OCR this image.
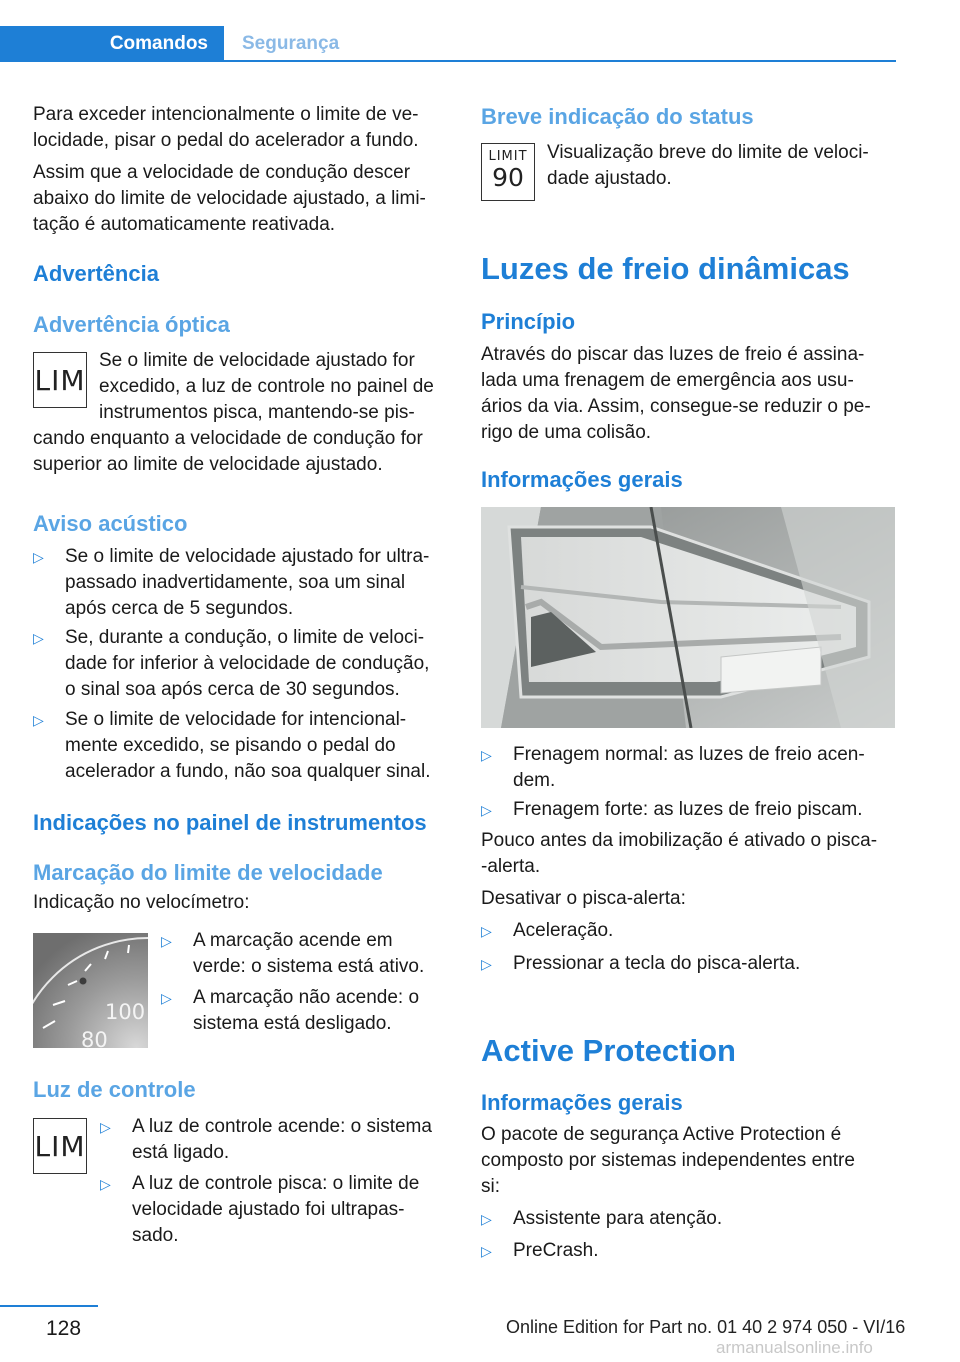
Comandos	Segurança
Para exceder intencionalmente o limite de ve-
locidade, pisar o pedal do acelerador a fundo.
Assim que a velocidade de condução descer
abaixo do limite de velocidade ajustado, a limi-
tação é automaticamente reativada.
Advertência
Advertência óptica
LIM
Se o limite de velocidade ajustado for
excedido, a luz de controle no painel de
instrumentos pisca, mantendo-se pis-
cando enquanto a velocidade de condução for
superior ao limite de velocidade ajustado.
Aviso acústico
▷ Se o limite de velocidade ajustado for ultra-
passado inadvertidamente, soa um sinal
após cerca de 5 segundos.
▷ Se, durante a condução, o limite de veloci-
dade for inferior à velocidade de condução,
o sinal soa após cerca de 30 segundos.
▷ Se o limite de velocidade for intencional-
mente excedido, se pisando o pedal do
acelerador a fundo, não soa qualquer sinal.
Indicações no painel de instrumentos
Marcação do limite de velocidade
Indicação no velocímetro:
100
80
▷ A marcação acende em
verde: o sistema está ativo.
▷ A marcação não acende: o
sistema está desligado.
Luz de controle
LIM
▷ A luz de controle acende: o sistema
está ligado.
▷ A luz de controle pisca: o limite de
velocidade ajustado foi ultrapas-
sado.
Breve indicação do status
LIMIT
90
Visualização breve do limite de veloci-
dade ajustado.
Luzes de freio dinâmicas
Princípio
Através do piscar das luzes de freio é assina-
lada uma frenagem de emergência aos usu-
ários da via. Assim, consegue-se reduzir o pe-
rigo de uma colisão.
Informações gerais
▷ Frenagem normal: as luzes de freio acen-
dem.
▷ Frenagem forte: as luzes de freio piscam.
Pouco antes da imobilização é ativado o pisca-
-alerta.
Desativar o pisca-alerta:
▷ Aceleração.
▷ Pressionar a tecla do pisca-alerta.
Active Protection
Informações gerais
O pacote de segurança Active Protection é
composto por sistemas independentes entre
si:
▷ Assistente para atenção.
▷ PreCrash.
128	Online Edition for Part no. 01 40 2 974 050 - VI/16
armanualsonline.info
